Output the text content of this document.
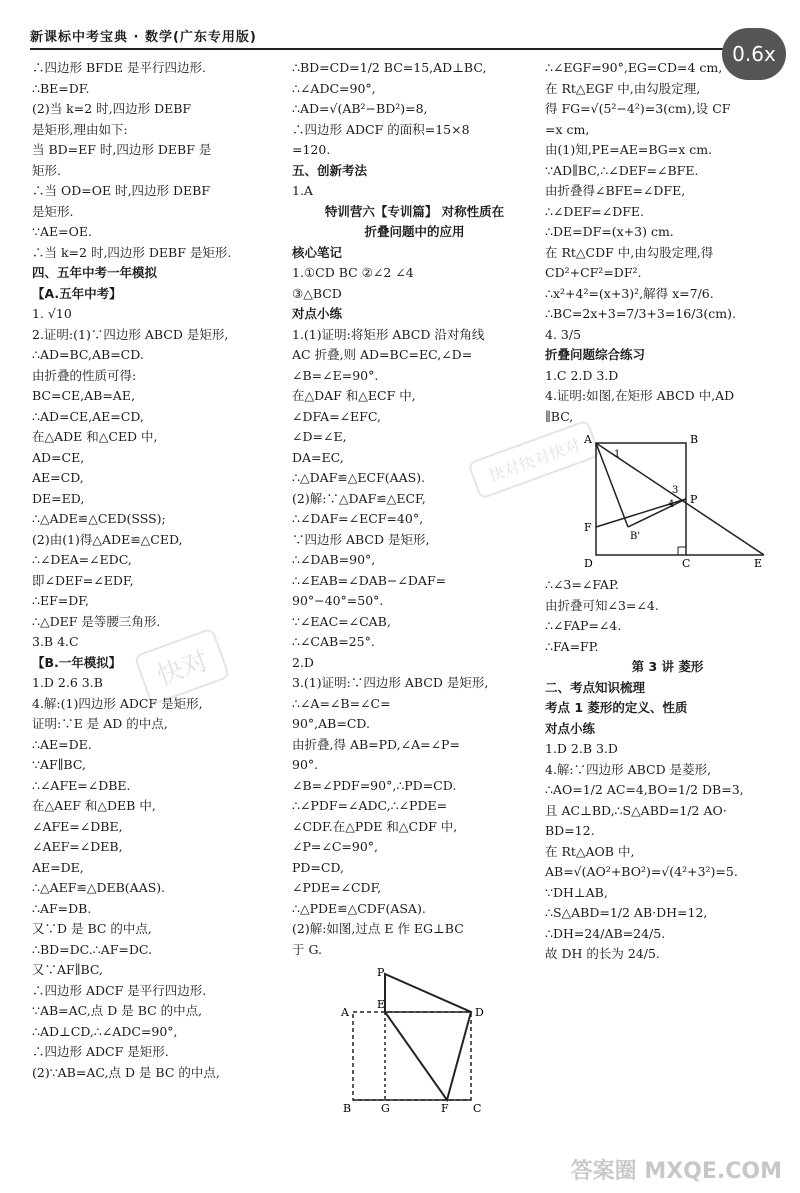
新课标中考宝典 · 数学(广东专用版)
0.6x
∴四边形 BFDE 是平行四边形.
∴BE=DF.
(2)当 k=2 时,四边形 DEBF
是矩形,理由如下:
当 BD=EF 时,四边形 DEBF 是
矩形.
∴当 OD=OE 时,四边形 DEBF
是矩形.
∵AE=OE.
∴当 k=2 时,四边形 DEBF 是矩形.
四、五年中考一年模拟
【A.五年中考】
1. √10
2.证明:(1)∵四边形 ABCD 是矩形,
∴AD=BC,AB=CD.
由折叠的性质可得:
BC=CE,AB=AE,
∴AD=CE,AE=CD,
在△ADE 和△CED 中,
AD=CE,
AE=CD,
DE=ED,
∴△ADE≌△CED(SSS);
(2)由(1)得△ADE≌△CED,
∴∠DEA=∠EDC,
即∠DEF=∠EDF,
∴EF=DF,
∴△DEF 是等腰三角形.
3.B 4.C
【B.一年模拟】
1.D 2.6 3.B
4.解:(1)四边形 ADCF 是矩形,
证明:∵E 是 AD 的中点,
∴AE=DE.
∵AF∥BC,
∴∠AFE=∠DBE.
在△AEF 和△DEB 中,
∠AFE=∠DBE,
∠AEF=∠DEB,
AE=DE,
∴△AEF≌△DEB(AAS).
∴AF=DB.
又∵D 是 BC 的中点,
∴BD=DC.∴AF=DC.
又∵AF∥BC,
∴四边形 ADCF 是平行四边形.
∵AB=AC,点 D 是 BC 的中点,
∴AD⊥CD,∴∠ADC=90°,
∴四边形 ADCF 是矩形.
(2)∵AB=AC,点 D 是 BC 的中点,
∴BD=CD=1/2 BC=15,AD⊥BC,
∴∠ADC=90°,
∴AD=√(AB²−BD²)=8,
∴四边形 ADCF 的面积=15×8
=120.
五、创新考法
1.A
特训营六【专训篇】 对称性质在
折叠问题中的应用
核心笔记
1.①CD BC ②∠2 ∠4
③△BCD
对点小练
1.(1)证明:将矩形 ABCD 沿对角线
AC 折叠,则 AD=BC=EC,∠D=
∠B=∠E=90°.
在△DAF 和△ECF 中,
∠DFA=∠EFC,
∠D=∠E,
DA=EC,
∴△DAF≌△ECF(AAS).
(2)解:∵△DAF≌△ECF,
∴∠DAF=∠ECF=40°,
∵四边形 ABCD 是矩形,
∴∠DAB=90°,
∴∠EAB=∠DAB−∠DAF=
90°−40°=50°.
∵∠EAC=∠CAB,
∴∠CAB=25°.
2.D
3.(1)证明:∵四边形 ABCD 是矩形,
∴∠A=∠B=∠C=
90°,AB=CD.
由折叠,得 AB=PD,∠A=∠P=
90°.
∠B=∠PDF=90°,∴PD=CD.
∴∠PDF=∠ADC,∴∠PDE=
∠CDF.在△PDE 和△CDF 中,
∠P=∠C=90°,
PD=CD,
∠PDE=∠CDF,
∴△PDE≌△CDF(ASA).
(2)解:如图,过点 E 作 EG⊥BC
于 G.
P
A
E
D
B	G	F C
∴∠EGF=90°,EG=CD=4 cm,
在 Rt△EGF 中,由勾股定理,
得 FG=√(5²−4²)=3(cm),设 CF
=x cm,
由(1)知,PE=AE=BG=x cm.
∵AD∥BC,∴∠DEF=∠BFE.
由折叠得∠BFE=∠DFE,
∴∠DEF=∠DFE.
∴DE=DF=(x+3) cm.
在 Rt△CDF 中,由勾股定理,得
CD²+CF²=DF².
∴x²+4²=(x+3)²,解得 x=7/6.
∴BC=2x+3=7/3+3=16/3(cm).
4. 3/5
折叠问题综合练习
1.C 2.D 3.D
4.证明:如图,在矩形 ABCD 中,AD
∥BC,
A	B
1
3
P
4
B'
F
D	C	E
∴∠3=∠FAP.
由折叠可知∠3=∠4.
∴∠FAP=∠4.
∴FA=FP.
第 3 讲 菱形
二、考点知识梳理
考点 1 菱形的定义、性质
对点小练
1.D 2.B 3.D
4.解:∵四边形 ABCD 是菱形,
∴AO=1/2 AC=4,BO=1/2 DB=3,
且 AC⊥BD,∴S△ABD=1/2 AO·
BD=12.
在 Rt△AOB 中,
AB=√(AO²+BO²)=√(4²+3²)=5.
∵DH⊥AB,
∴S△ABD=1/2 AB·DH=12,
∴DH=24/AB=24/5.
故 DH 的长为 24/5.
快对
快对快对快对
答案圈 MXQE.COM
